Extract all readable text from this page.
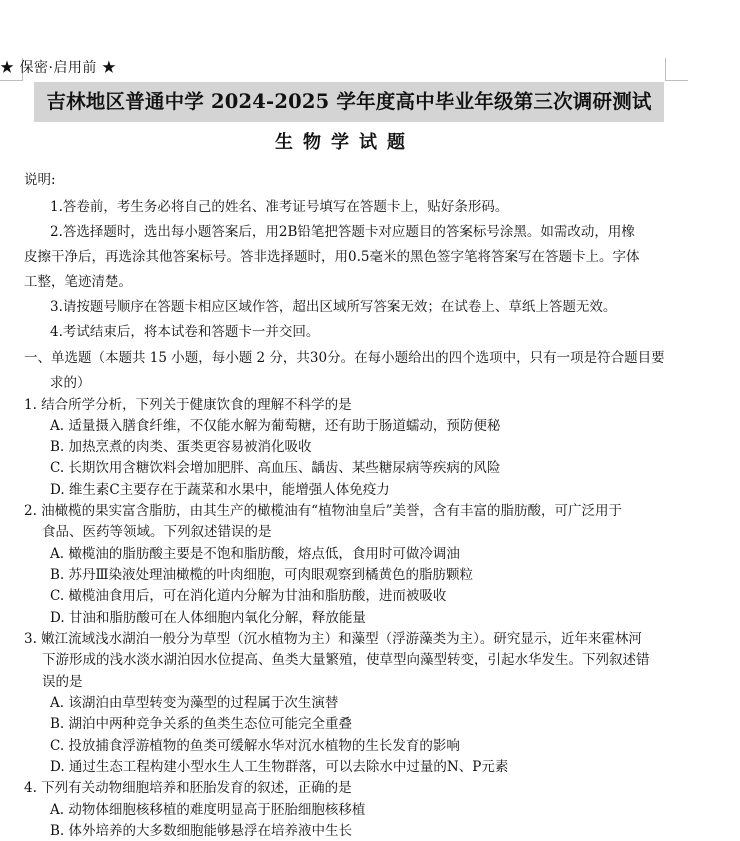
★ 保密·启用前 ★
吉林地区普通中学 2024-2025 学年度高中毕业年级第三次调研测试
生物学试题
说明:
1.答卷前，考生务必将自己的姓名、准考证号填写在答题卡上，贴好条形码。
2.答选择题时，选出每小题答案后，用2B铅笔把答题卡对应题目的答案标号涂黑。如需改动，用橡
皮擦干净后，再选涂其他答案标号。答非选择题时，用0.5毫米的黑色签字笔将答案写在答题卡上。字体
工整，笔迹清楚。
3.请按题号顺序在答题卡相应区域作答，超出区域所写答案无效；在试卷上、草纸上答题无效。
4.考试结束后，将本试卷和答题卡一并交回。
一、单选题（本题共 15 小题，每小题 2 分，共30分。在每小题给出的四个选项中，只有一项是符合题目要
求的）
1. 结合所学分析，下列关于健康饮食的理解不科学的是
A. 适量摄入膳食纤维，不仅能水解为葡萄糖，还有助于肠道蠕动，预防便秘
B. 加热烹煮的肉类、蛋类更容易被消化吸收
C. 长期饮用含糖饮料会增加肥胖、高血压、龋齿、某些糖尿病等疾病的风险
D. 维生素C主要存在于蔬菜和水果中，能增强人体免疫力
2. 油橄榄的果实富含脂肪，由其生产的橄榄油有“植物油皇后”美誉，含有丰富的脂肪酸，可广泛用于
食品、医药等领域。下列叙述错误的是
A. 橄榄油的脂肪酸主要是不饱和脂肪酸，熔点低，食用时可做冷调油
B. 苏丹Ⅲ染液处理油橄榄的叶肉细胞，可肉眼观察到橘黄色的脂肪颗粒
C. 橄榄油食用后，可在消化道内分解为甘油和脂肪酸，进而被吸收
D. 甘油和脂肪酸可在人体细胞内氧化分解，释放能量
3. 嫩江流域浅水湖泊一般分为草型（沉水植物为主）和藻型（浮游藻类为主）。研究显示，近年来霍林河
下游形成的浅水淡水湖泊因水位提高、鱼类大量繁殖，使草型向藻型转变，引起水华发生。下列叙述错
误的是
A. 该湖泊由草型转变为藻型的过程属于次生演替
B. 湖泊中两种竞争关系的鱼类生态位可能完全重叠
C. 投放捕食浮游植物的鱼类可缓解水华对沉水植物的生长发育的影响
D. 通过生态工程构建小型水生人工生物群落，可以去除水中过量的N、P元素
4. 下列有关动物细胞培养和胚胎发育的叙述，正确的是
A. 动物体细胞核移植的难度明显高于胚胎细胞核移植
B. 体外培养的大多数细胞能够悬浮在培养液中生长
